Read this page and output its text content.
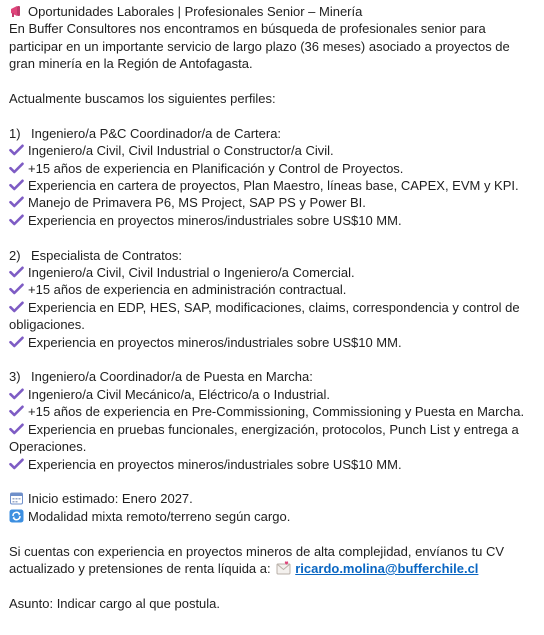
Oportunidades Laborales | Profesionales Senior – Minería
En Buffer Consultores nos encontramos en búsqueda de profesionales senior para participar en un importante servicio de largo plazo (36 meses) asociado a proyectos de gran minería en la Región de Antofagasta.
Actualmente buscamos los siguientes perfiles:
1) Ingeniero/a P&C Coordinador/a de Cartera:
Ingeniero/a Civil, Civil Industrial o Constructor/a Civil.
+15 años de experiencia en Planificación y Control de Proyectos.
Experiencia en cartera de proyectos, Plan Maestro, líneas base, CAPEX, EVM y KPI.
Manejo de Primavera P6, MS Project, SAP PS y Power BI.
Experiencia en proyectos mineros/industriales sobre US$10 MM.
2) Especialista de Contratos:
Ingeniero/a Civil, Civil Industrial o Ingeniero/a Comercial.
+15 años de experiencia en administración contractual.
Experiencia en EDP, HES, SAP, modificaciones, claims, correspondencia y control de obligaciones.
Experiencia en proyectos mineros/industriales sobre US$10 MM.
3) Ingeniero/a Coordinador/a de Puesta en Marcha:
Ingeniero/a Civil Mecánico/a, Eléctrico/a o Industrial.
+15 años de experiencia en Pre-Commissioning, Commissioning y Puesta en Marcha.
Experiencia en pruebas funcionales, energización, protocolos, Punch List y entrega a Operaciones.
Experiencia en proyectos mineros/industriales sobre US$10 MM.
Inicio estimado: Enero 2027.
Modalidad mixta remoto/terreno según cargo.
Si cuentas con experiencia en proyectos mineros de alta complejidad, envíanos tu CV actualizado y pretensiones de renta líquida a: ricardo.molina@bufferchile.cl
Asunto: Indicar cargo al que postula.
